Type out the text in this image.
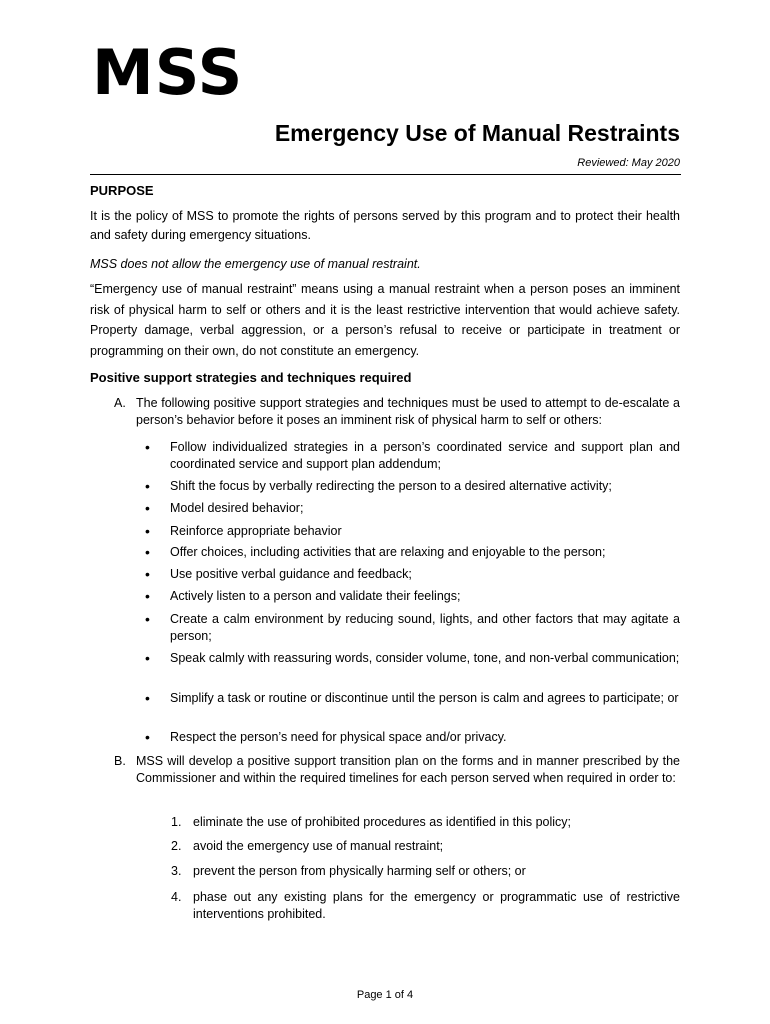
MSS
Emergency Use of Manual Restraints
Reviewed: May 2020
PURPOSE
It is the policy of MSS to promote the rights of persons served by this program and to protect their health and safety during emergency situations.
MSS does not allow the emergency use of manual restraint.
“Emergency use of manual restraint” means using a manual restraint when a person poses an imminent risk of physical harm to self or others and it is the least restrictive intervention that would achieve safety. Property damage, verbal aggression, or a person’s refusal to receive or participate in treatment or programming on their own, do not constitute an emergency.
Positive support strategies and techniques required
A. The following positive support strategies and techniques must be used to attempt to de-escalate a person’s behavior before it poses an imminent risk of physical harm to self or others:
• Follow individualized strategies in a person’s coordinated service and support plan and coordinated service and support plan addendum;
• Shift the focus by verbally redirecting the person to a desired alternative activity;
• Model desired behavior;
• Reinforce appropriate behavior
• Offer choices, including activities that are relaxing and enjoyable to the person;
• Use positive verbal guidance and feedback;
• Actively listen to a person and validate their feelings;
• Create a calm environment by reducing sound, lights, and other factors that may agitate a person;
• Speak calmly with reassuring words, consider volume, tone, and non-verbal communication;
• Simplify a task or routine or discontinue until the person is calm and agrees to participate; or
• Respect the person’s need for physical space and/or privacy.
B. MSS will develop a positive support transition plan on the forms and in manner prescribed by the Commissioner and within the required timelines for each person served when required in order to:
1. eliminate the use of prohibited procedures as identified in this policy;
2. avoid the emergency use of manual restraint;
3. prevent the person from physically harming self or others; or
4. phase out any existing plans for the emergency or programmatic use of restrictive interventions prohibited.
Page 1 of 4
